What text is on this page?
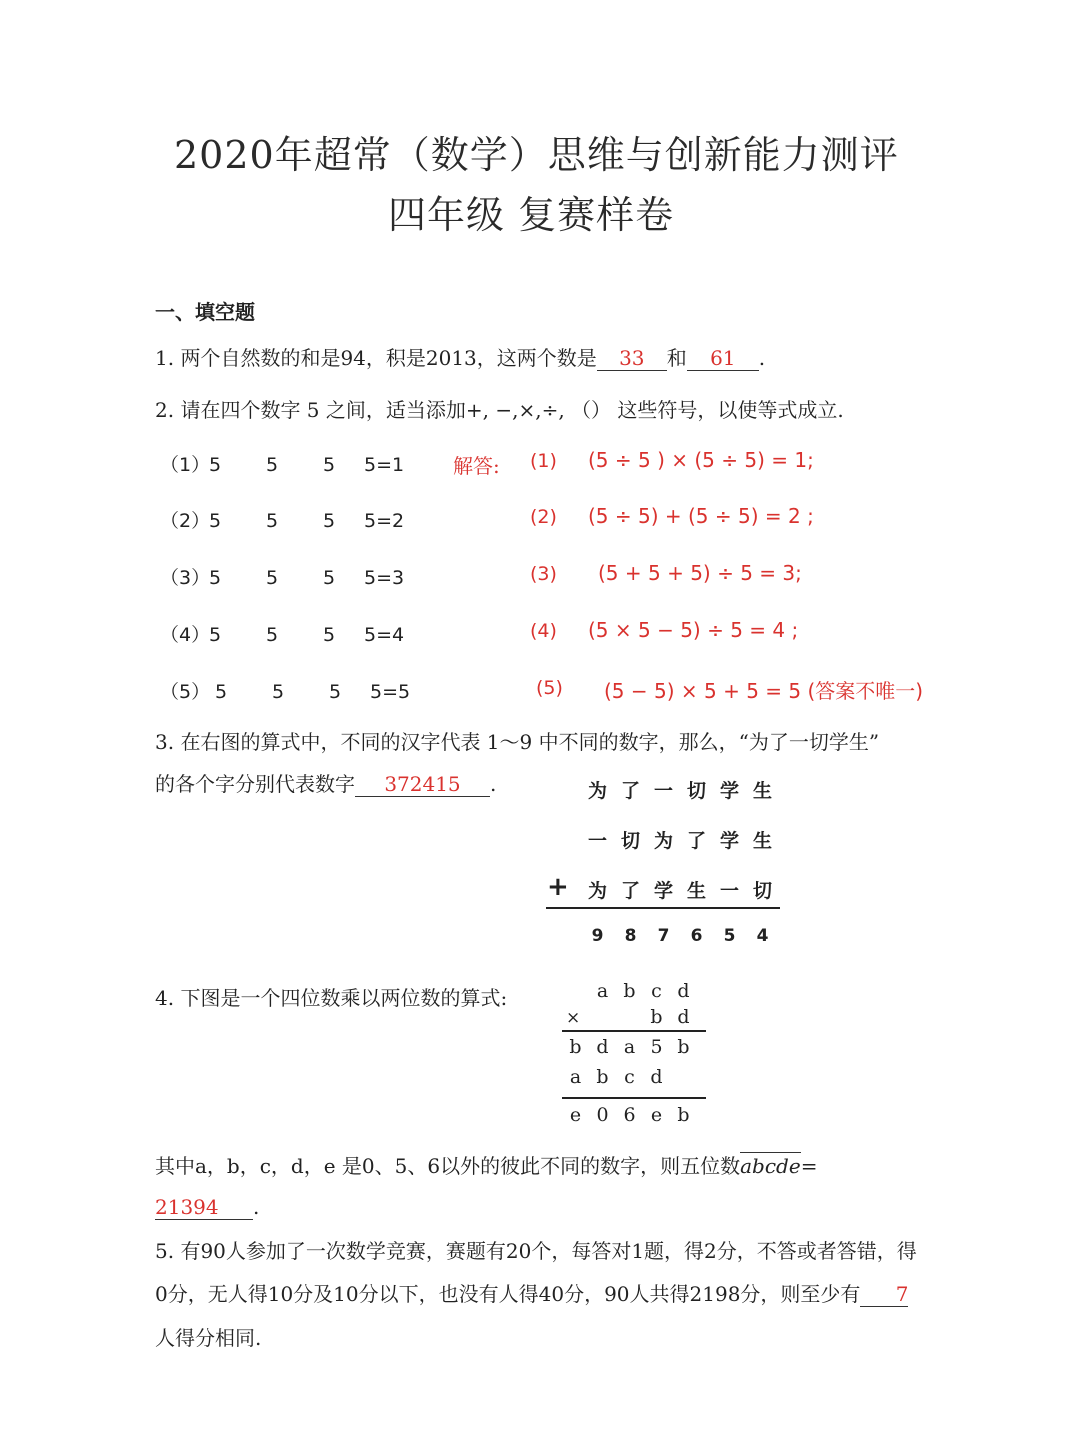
2020年超常（数学）思维与创新能力测评
四年级 复赛样卷
一、填空题
1. 两个自然数的和是94，积是2013，这两个数是 33 和 61 .
2. 请在四个数字 5 之间，适当添加+, −,×,÷, （） 这些符号，以使等式成立.
解答:
（1）5 5 5 5=1	(1) (5 ÷ 5 ) × (5 ÷ 5) = 1;
（2）5 5 5 5=2	(2) (5 ÷ 5) + (5 ÷ 5) = 2 ;
（3）5 5 5 5=3	(3) (5 + 5 + 5) ÷ 5 = 3;
（4）5 5 5 5=4	(4) (5 × 5 − 5) ÷ 5 = 4 ;
（5） 5 5 5 5=5	(5) (5 − 5) × 5 + 5 = 5 (答案不唯一)
3. 在右图的算式中，不同的汉字代表 1～9 中不同的数字，那么，“为了一切学生”
的各个字分别代表数字 372415 .	为 了 一 切 学 生
一 切 为 了 学 生
+	为 了 学 生 一 切
9 8 7 6 5 4
4. 下图是一个四位数乘以两位数的算式:	a b c d
×	b d
b d a 5 b
a b c d
e 0 6 e b
其中a，b，c，d，e 是0、5、6以外的彼此不同的数字，则五位数abcde=
21394 .
5. 有90人参加了一次数学竞赛，赛题有20个，每答对1题，得2分，不答或者答错，得
0分，无人得10分及10分以下，也没有人得40分，90人共得2198分，则至少有 7
人得分相同.
